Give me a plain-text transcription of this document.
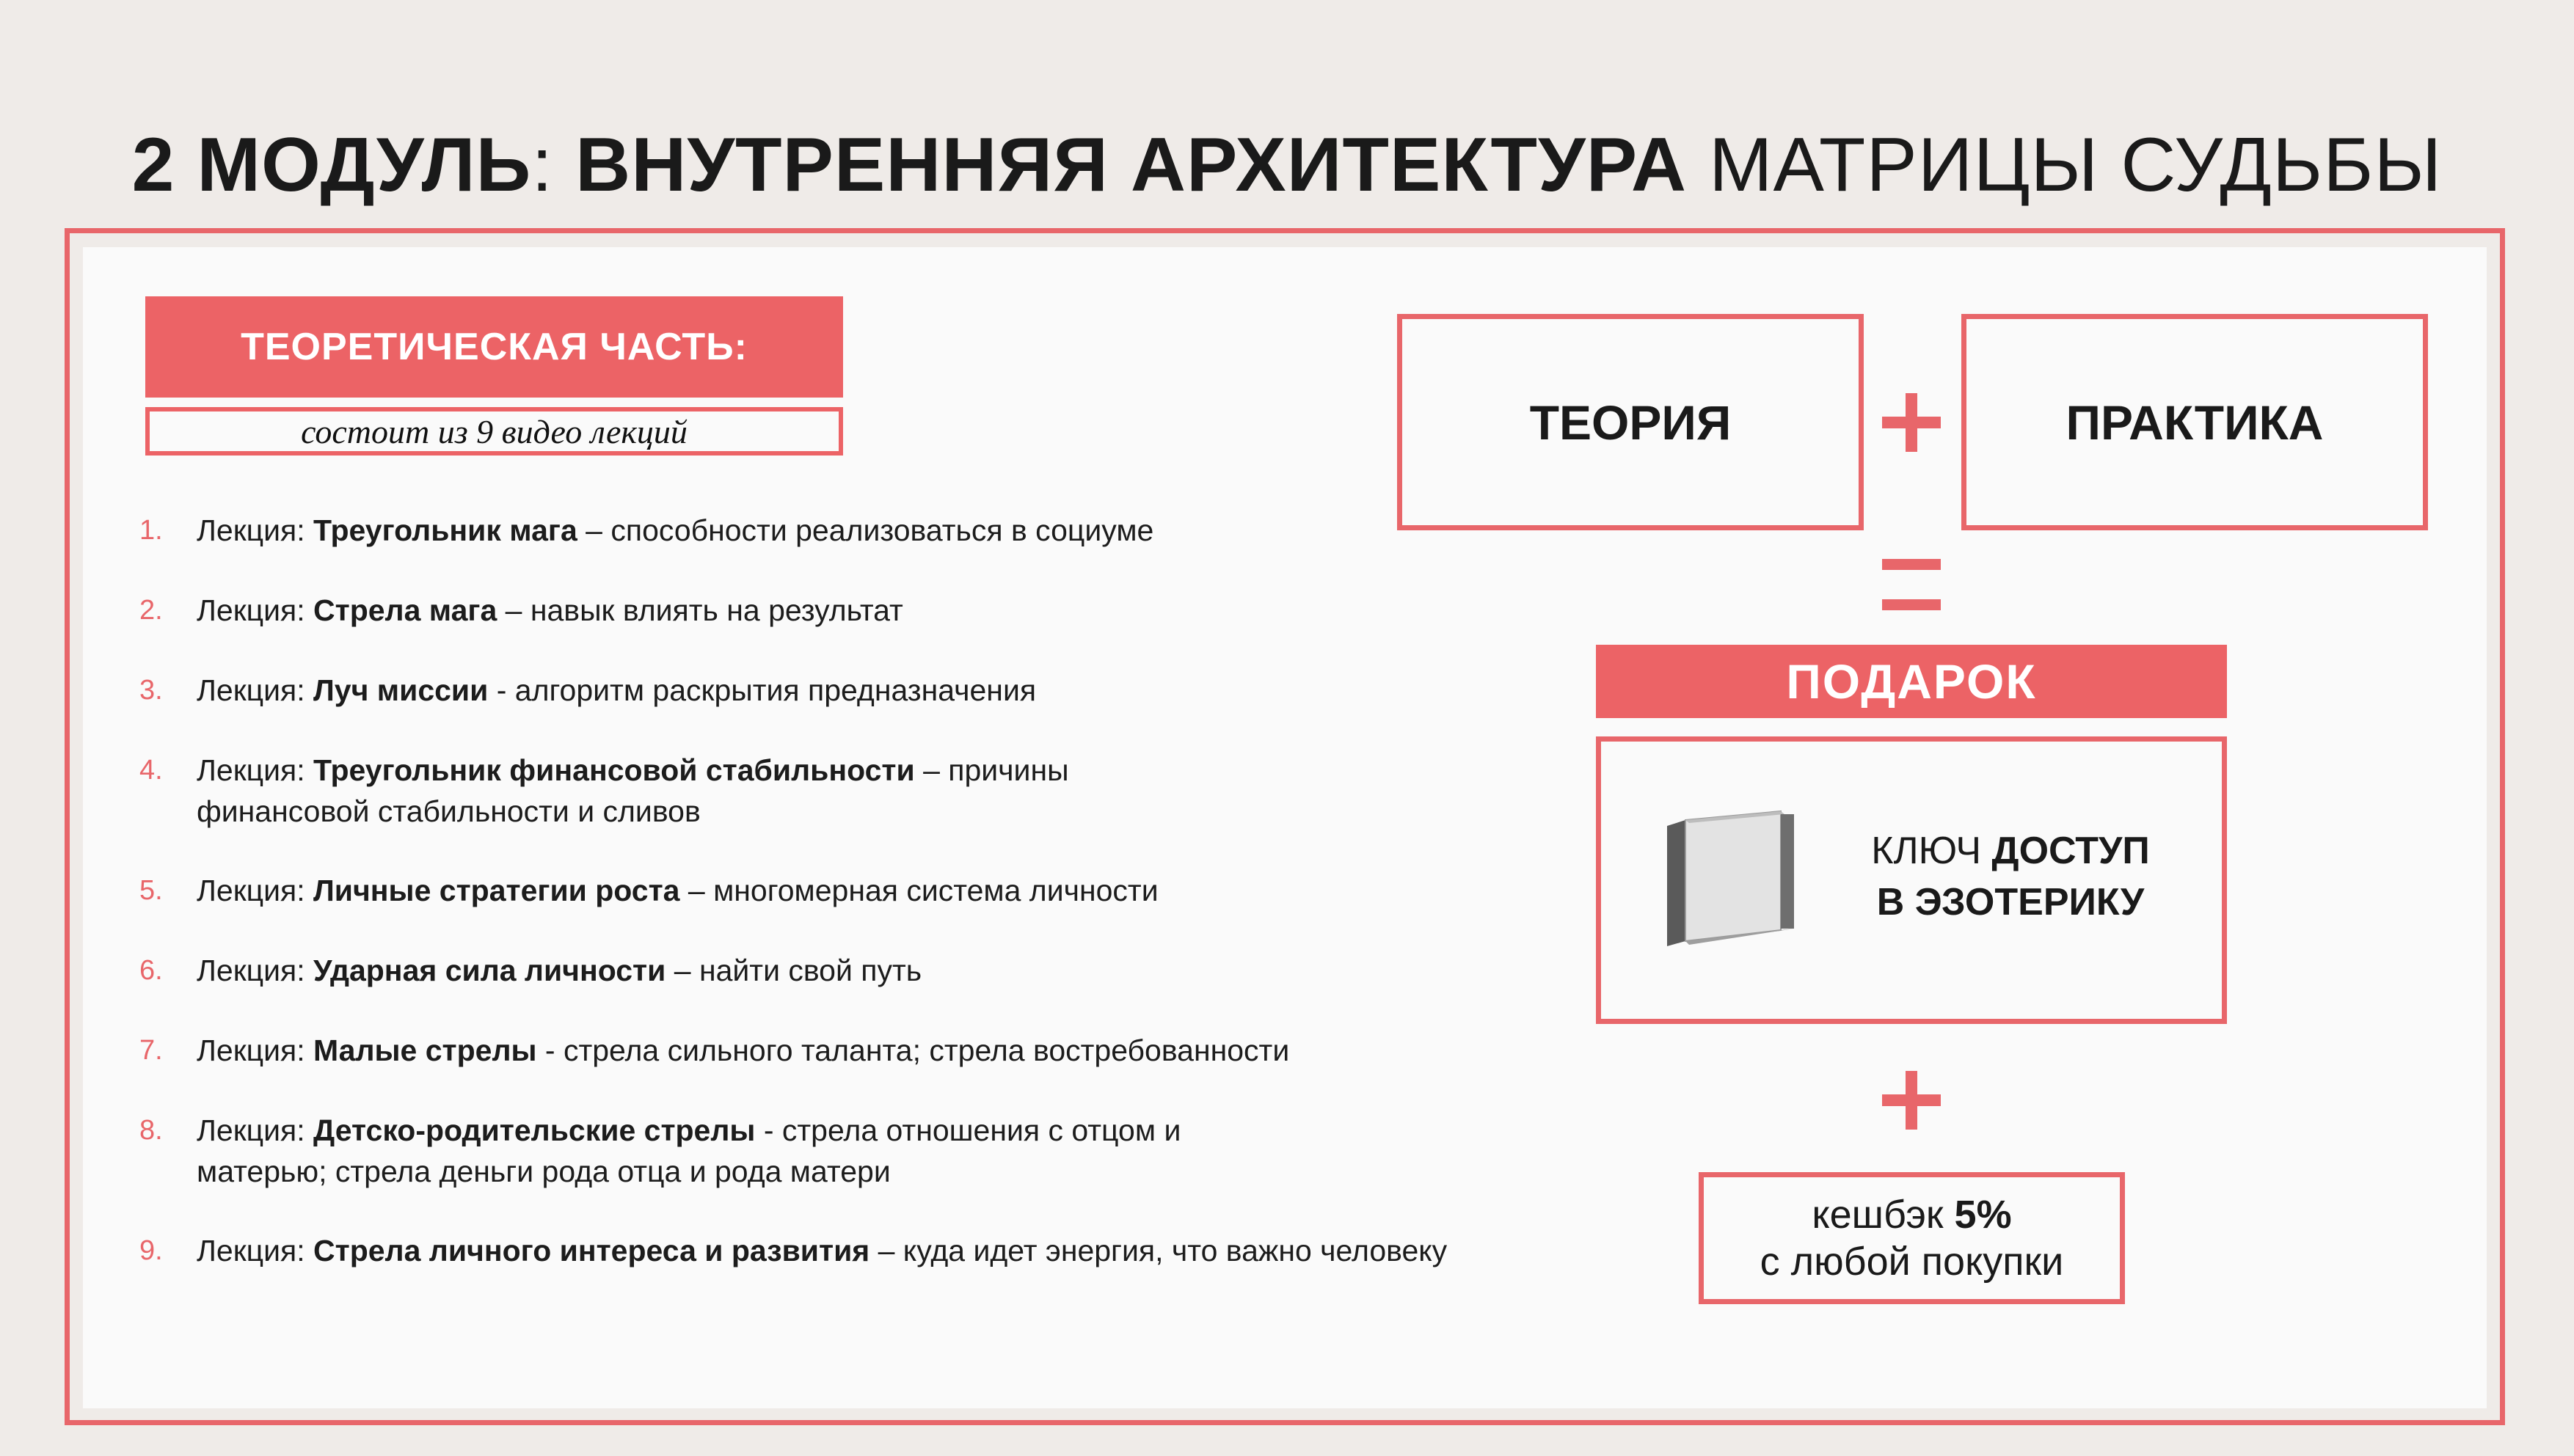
2 МОДУЛЬ: ВНУТРЕННЯЯ АРХИТЕКТУРА МАТРИЦЫ СУДЬБЫ
ТЕОРЕТИЧЕСКАЯ ЧАСТЬ:
состоит из 9 видео лекций
1. Лекция: Треугольник мага – способности реализоваться в социуме
2. Лекция: Стрела мага – навык влиять на результат
3. Лекция: Луч миссии - алгоритм раскрытия предназначения
4. Лекция: Треугольник финансовой стабильности – причины финансовой стабильности и сливов
5. Лекция: Личные стратегии роста – многомерная система личности
6. Лекция: Ударная сила личности – найти свой путь
7. Лекция: Малые стрелы - стрела сильного таланта; стрела востребованности
8. Лекция: Детско-родительские стрелы - стрела отношения с отцом и матерью; стрела деньги рода отца и рода матери
9. Лекция: Стрела личного интереса и развития – куда идет энергия, что важно человеку
ТЕОРИЯ	ПРАКТИКА
ПОДАРОК
КЛЮЧ ДОСТУП
В ЭЗОТЕРИКУ
кешбэк 5%
с любой покупки
